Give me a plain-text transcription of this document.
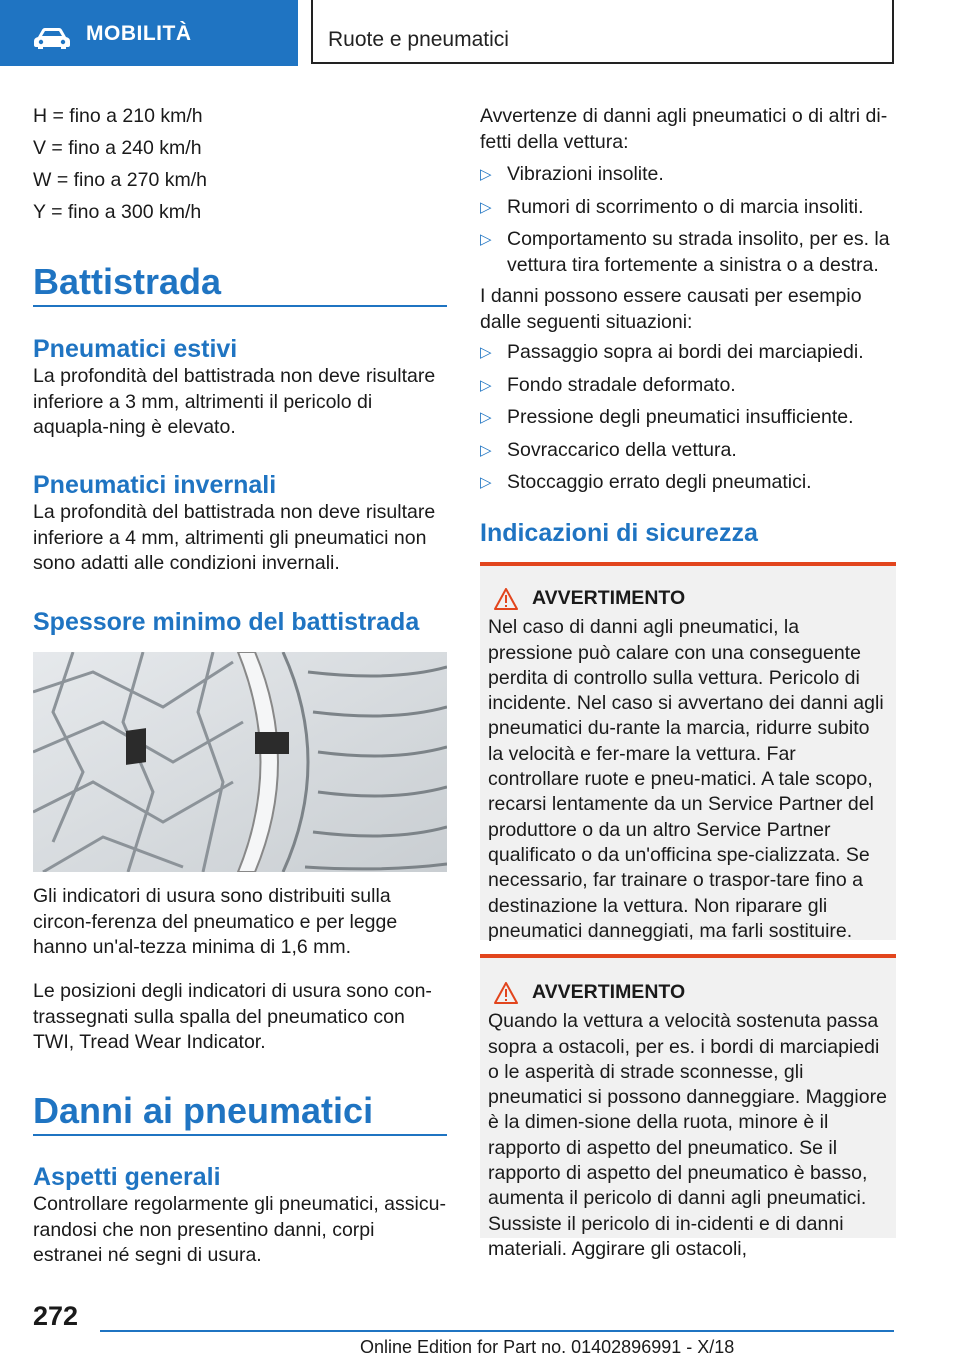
MOBILITÀ	Ruote e pneumatici

H = fino a 210 km/h

V = fino a 240 km/h

W = fino a 270 km/h

Y = fino a 300 km/h

Battistrada
Pneumatici estivi

La profondità del battistrada non deve risultare inferiore a 3 mm, altrimenti il pericolo di aquapla-ning è elevato.

Pneumatici invernali

La profondità del battistrada non deve risultare inferiore a 4 mm, altrimenti gli pneumatici non sono adatti alle condizioni invernali.

Spessore minimo del battistrada

Gli indicatori di usura sono distribuiti sulla circon-ferenza del pneumatico e per legge hanno un'al-tezza minima di 1,6 mm.

Le posizioni degli indicatori di usura sono con-trassegnati sulla spalla del pneumatico con TWI, Tread Wear Indicator.

Danni ai pneumatici
Aspetti generali

Controllare regolarmente gli pneumatici, assicu-randosi che non presentino danni, corpi estranei né segni di usura.

Avvertenze di danni agli pneumatici o di altri di-fetti della vettura:

▷ Vibrazioni insolite.
▷ Rumori di scorrimento o di marcia insoliti.
▷ Comportamento su strada insolito, per es. la vettura tira fortemente a sinistra o a destra.

I danni possono essere causati per esempio dalle seguenti situazioni:

▷ Passaggio sopra ai bordi dei marciapiedi.
▷ Fondo stradale deformato.
▷ Pressione degli pneumatici insufficiente.
▷ Sovraccarico della vettura.
▷ Stoccaggio errato degli pneumatici.
Indicazioni di sicurezza
AVVERTIMENTO

Nel caso di danni agli pneumatici, la pressione può calare con una conseguente perdita di controllo sulla vettura. Pericolo di incidente. Nel caso si avvertano dei danni agli pneumatici du-rante la marcia, ridurre subito la velocità e fer-mare la vettura. Far controllare ruote e pneu-matici. A tale scopo, recarsi lentamente da un Service Partner del produttore o da un altro Service Partner qualificato o da un'officina spe-cializzata. Se necessario, far trainare o traspor-tare fino a destinazione la vettura. Non riparare gli pneumatici danneggiati, ma farli sostituire.

AVVERTIMENTO

Quando la vettura a velocità sostenuta passa sopra a ostacoli, per es. i bordi di marciapiedi o le asperità di strade sconnesse, gli pneumatici si possono danneggiare. Maggiore è la dimen-sione della ruota, minore è il rapporto di aspetto del pneumatico. Se il rapporto di aspetto del pneumatico è basso, aumenta il pericolo di danni agli pneumatici. Sussiste il pericolo di in-cidenti e di danni materiali. Aggirare gli ostacoli,

272
Online Edition for Part no. 01402896991 - X/18
